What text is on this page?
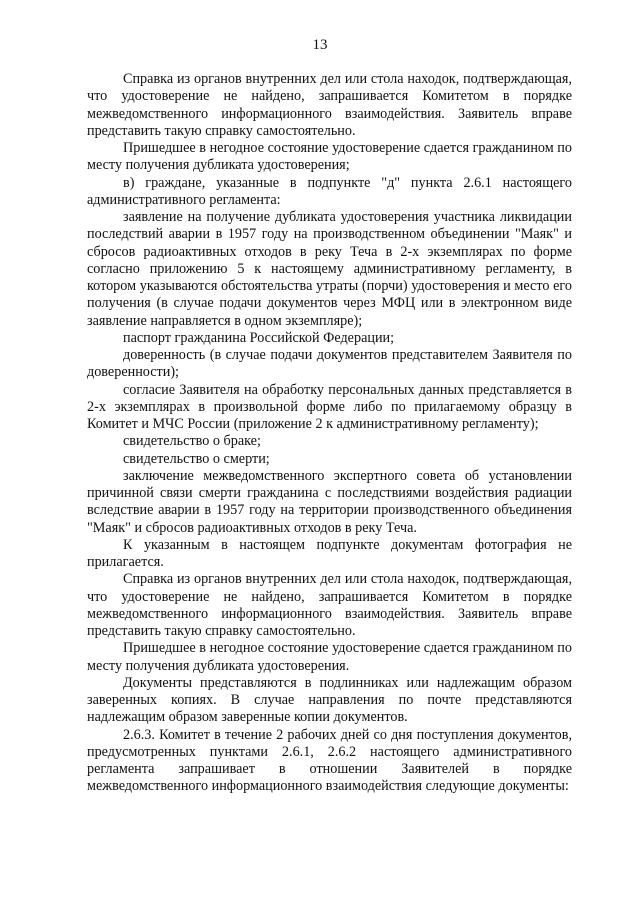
13

Справка из органов внутренних дел или стола находок, подтверждающая, что удостоверение не найдено, запрашивается Комитетом в порядке межведомственного информационного взаимодействия. Заявитель вправе представить такую справку самостоятельно.

Пришедшее в негодное состояние удостоверение сдается гражданином по месту получения дубликата удостоверения;

в) граждане, указанные в подпункте "д" пункта 2.6.1 настоящего административного регламента:

заявление на получение дубликата удостоверения участника ликвидации последствий аварии в 1957 году на производственном объединении "Маяк" и сбросов радиоактивных отходов в реку Теча в 2-х экземплярах по форме согласно приложению 5 к настоящему административному регламенту, в котором указываются обстоятельства утраты (порчи) удостоверения и место его получения (в случае подачи документов через МФЦ или в электронном виде заявление направляется в одном экземпляре);

паспорт гражданина Российской Федерации;

доверенность (в случае подачи документов представителем Заявителя по доверенности);

согласие Заявителя на обработку персональных данных представляется в 2-х экземплярах в произвольной форме либо по прилагаемому образцу в Комитет и МЧС России (приложение 2 к административному регламенту);

свидетельство о браке;

свидетельство о смерти;

заключение межведомственного экспертного совета об установлении причинной связи смерти гражданина с последствиями воздействия радиации вследствие аварии в 1957 году на территории производственного объединения "Маяк" и сбросов радиоактивных отходов в реку Теча.

К указанным в настоящем подпункте документам фотография не прилагается.

Справка из органов внутренних дел или стола находок, подтверждающая, что удостоверение не найдено, запрашивается Комитетом в порядке межведомственного информационного взаимодействия. Заявитель вправе представить такую справку самостоятельно.

Пришедшее в негодное состояние удостоверение сдается гражданином по месту получения дубликата удостоверения.

Документы представляются в подлинниках или надлежащим образом заверенных копиях. В случае направления по почте представляются надлежащим образом заверенные копии документов.

2.6.3. Комитет в течение 2 рабочих дней со дня поступления документов, предусмотренных пунктами 2.6.1, 2.6.2 настоящего административного регламента запрашивает в отношении Заявителей в порядке межведомственного информационного взаимодействия следующие документы:
